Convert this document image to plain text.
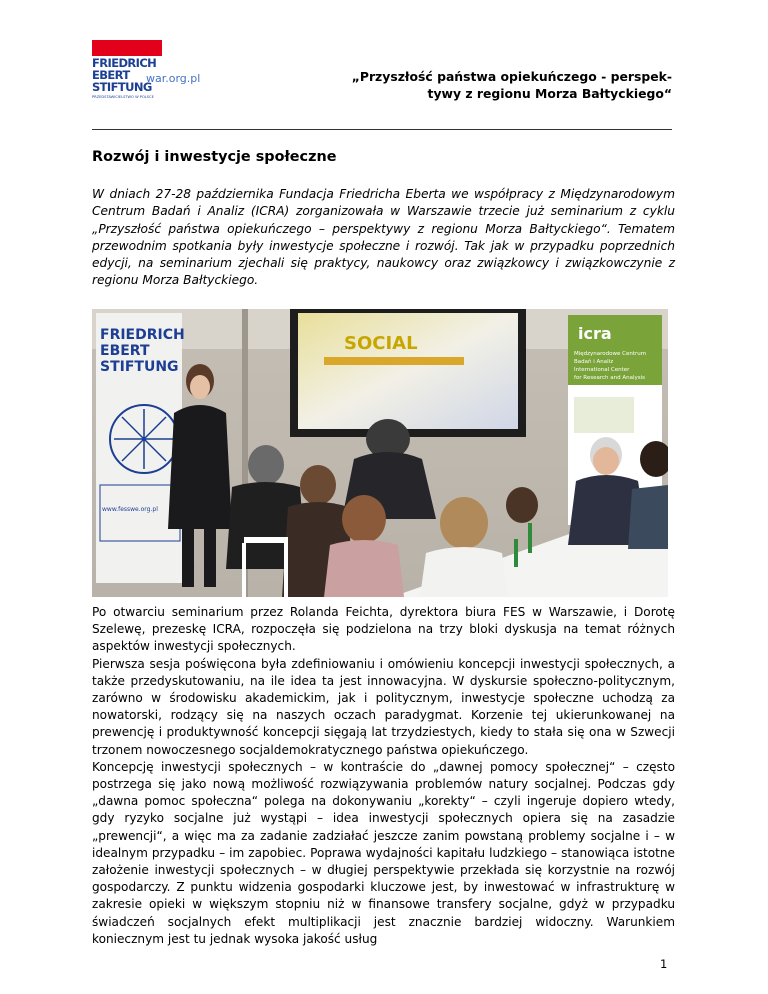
FRIEDRICH
EBERT
STIFTUNG
PRZEDSTAWICIELSTWO W POLSCE
war.org.pl	„Przyszłość państwa opiekuńczego - perspek-
tywy z regionu Morza Bałtyckiego“
Rozwój i inwestycje społeczne

W dniach 27-28 października Fundacja Friedricha Eberta we współpracy z Międzynarodowym Centrum Badań i Analiz (ICRA) zorganizowała w Warszawie trzecie już seminarium z cyklu „Przyszłość państwa opiekuńczego – perspektywy z regionu Morza Bałtyckiego“. Tematem przewodnim spotkania były inwestycje społeczne i rozwój. Tak jak w przypadku poprzednich edycji, na seminarium zjechali się praktycy, naukowcy oraz związkowcy i związkowczynie z regionu Morza Bałtyckiego.

SOCIAL
FRIEDRICH
EBERT
STIFTUNG
www.fesswe.org.pl
icra
Międzynarodowe Centrum
Badań i Analiz
International Center
for Research and Analysis

Po otwarciu seminarium przez Rolanda Feichta, dyrektora biura FES w Warszawie, i Dorotę Szelewę, prezeskę ICRA, rozpoczęła się podzielona na trzy bloki dyskusja na temat różnych aspektów inwestycji społecznych.

Pierwsza sesja poświęcona była zdefiniowaniu i omówieniu koncepcji inwestycji społecznych, a także przedyskutowaniu, na ile idea ta jest innowacyjna. W dyskursie społeczno-politycznym, zarówno w środowisku akademickim, jak i politycznym, inwestycje społeczne uchodzą za nowatorski, rodzący się na naszych oczach paradygmat. Korzenie tej ukierunkowanej na prewencję i produktywność koncepcji sięgają lat trzydziestych, kiedy to stała się ona w Szwecji trzonem nowoczesnego socjaldemokratycznego państwa opiekuńczego.

Koncepcję inwestycji społecznych – w kontraście do „dawnej pomocy społecznej“ – często postrzega się jako nową możliwość rozwiązywania problemów natury socjalnej. Podczas gdy „dawna pomoc społeczna“ polega na dokonywaniu „korekty“ – czyli ingeruje dopiero wtedy, gdy ryzyko socjalne już wystąpi – idea inwestycji społecznych opiera się na zasadzie „prewencji“, a więc ma za zadanie zadziałać jeszcze zanim powstaną problemy socjalne i – w idealnym przypadku – im zapobiec. Poprawa wydajności kapitału ludzkiego – stanowiąca istotne założenie inwestycji społecznych – w długiej perspektywie przekłada się korzystnie na rozwój gospodarczy. Z punktu widzenia gospodarki kluczowe jest, by inwestować w infrastrukturę w zakresie opieki w większym stopniu niż w finansowe transfery socjalne, gdyż w przypadku świadczeń socjalnych efekt multiplikacji jest znacznie bardziej widoczny. Warunkiem koniecznym jest tu jednak wysoka jakość usług

1
